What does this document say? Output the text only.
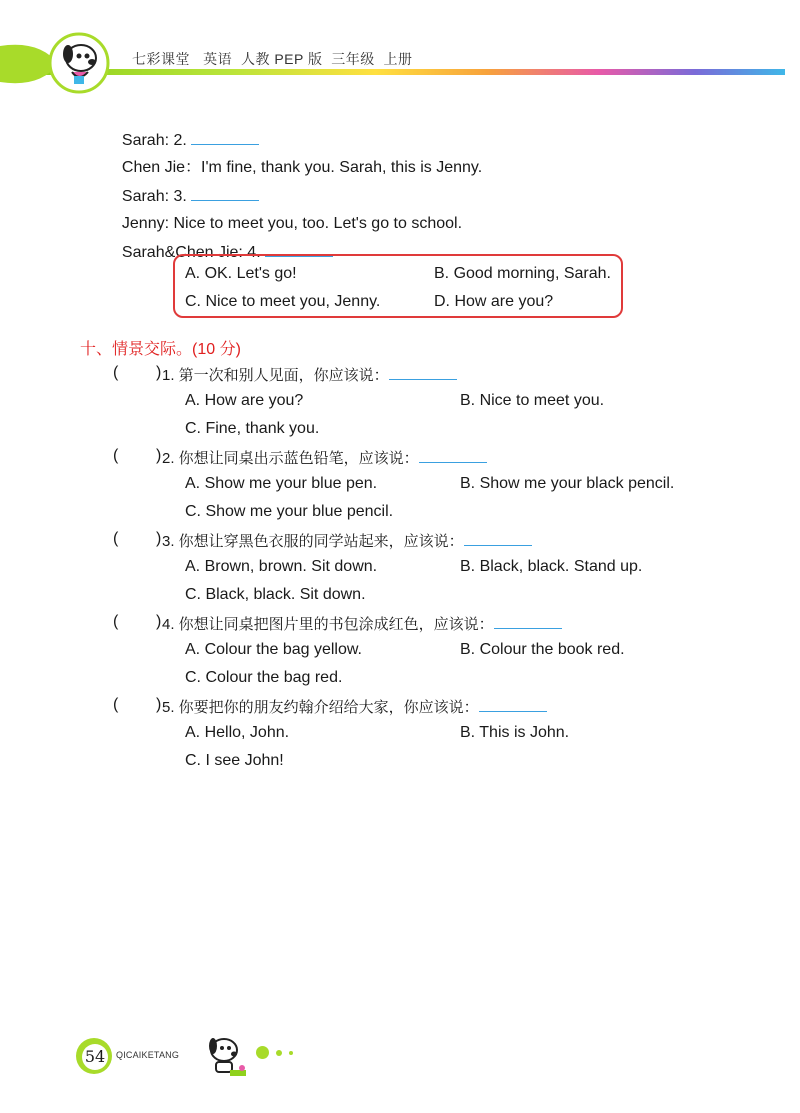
七彩课堂   英语  人教 PEP 版  三年级  上册

Sarah: 2.

Chen Jie：I'm fine, thank you. Sarah, this is Jenny.

Sarah: 3.

Jenny: Nice to meet you, too. Let's go to school.

Sarah&Chen Jie: 4.

A. OK. Let's go!	B. Good morning, Sarah.
C. Nice to meet you, Jenny.	D. How are you?
十、情景交际。(10 分)
( ) 1. 第一次和别人见面，你应该说：
A. How are you?	B. Nice to meet you.
C. Fine, thank you.
( ) 2. 你想让同桌出示蓝色铅笔，应该说：
A. Show me your blue pen.	B. Show me your black pencil.
C. Show me your blue pencil.
( ) 3. 你想让穿黑色衣服的同学站起来，应该说：
A. Brown, brown. Sit down.	B. Black, black. Stand up.
C. Black, black. Sit down.
( ) 4. 你想让同桌把图片里的书包涂成红色，应该说：
A. Colour the bag yellow.	B. Colour the book red.
C. Colour the bag red.
( ) 5. 你要把你的朋友约翰介绍给大家，你应该说：
A. Hello, John.	B. This is John.
C. I see John!
54	QICAIKETANG
